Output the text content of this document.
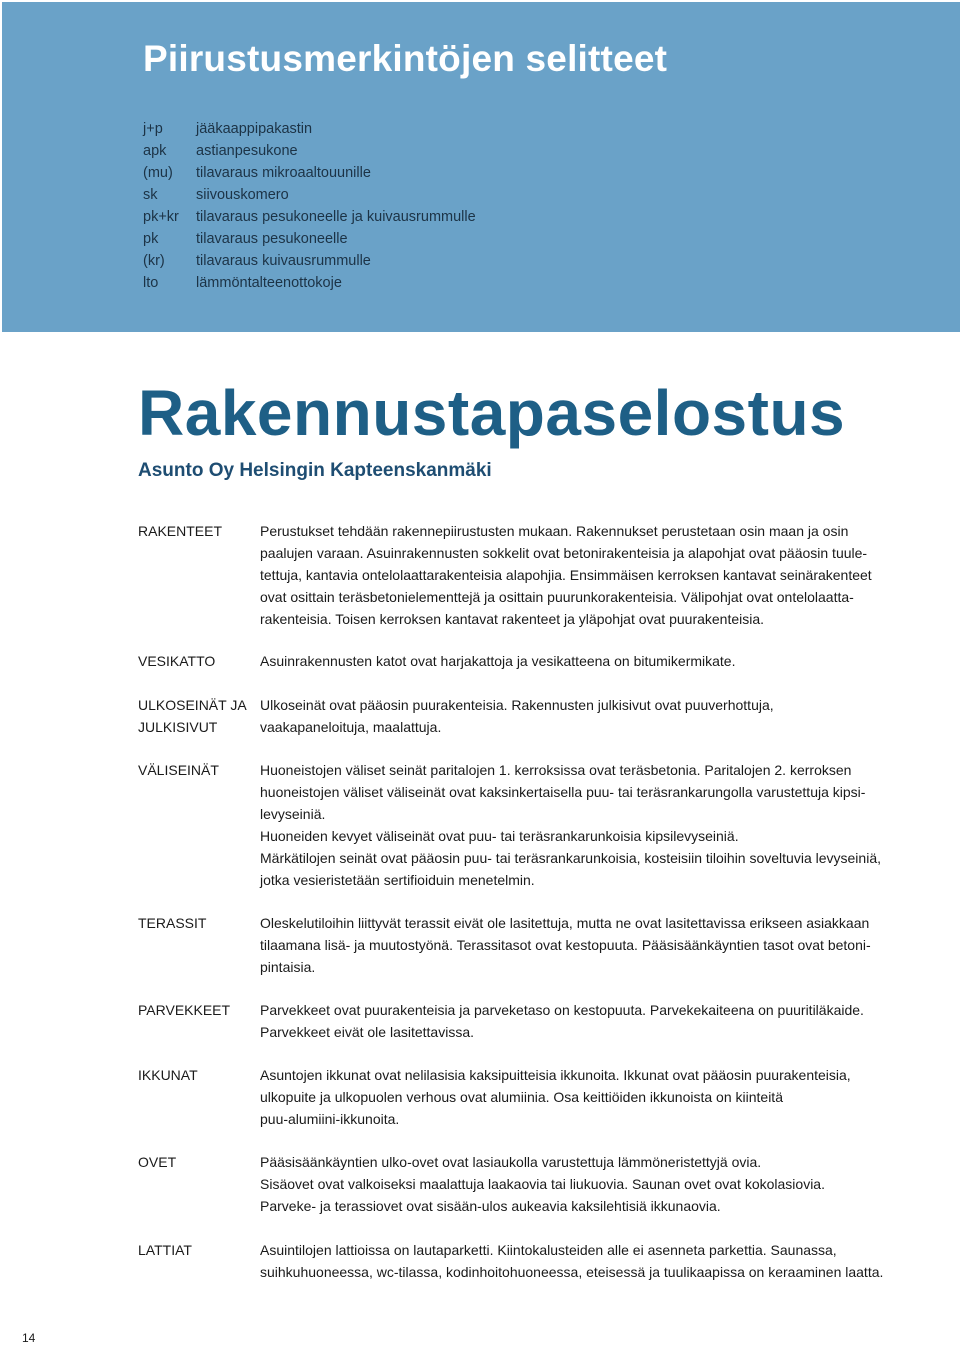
Piirustusmerkintöjen selitteet
j+p jääkaappipakastin
apk astianpesukone
(mu) tilavaraus mikroaaltouunille
sk	siivouskomero
pk+kr tilavaraus pesukoneelle ja kuivausrummulle
pk	tilavaraus pesukoneelle
(kr) tilavaraus kuivausrummulle
lto	lämmöntalteenottokoje
Rakennustapaselostus
Asunto Oy Helsingin Kapteenskanmäki
RAKENTEET	Perustukset tehdään rakennepiirustusten mukaan. Rakennukset perustetaan osin maan ja osin
paalujen varaan. Asuinrakennusten sokkelit ovat betonirakenteisia ja alapohjat ovat pääosin tuule-
tettuja, kantavia ontelolaattarakenteisia alapohjia. Ensimmäisen kerroksen kantavat seinärakenteet
ovat osittain teräsbetonielementtejä ja osittain puurunkorakenteisia. Välipohjat ovat ontelolaatta-
rakenteisia. Toisen kerroksen kantavat rakenteet ja yläpohjat ovat puurakenteisia.
VESIKATTO	Asuinrakennusten katot ovat harjakattoja ja vesikatteena on bitumikermikate.
ULKOSEINÄT JA
JULKISIVUT
Ulkoseinät ovat pääosin puurakenteisia. Rakennusten julkisivut ovat puuverhottuja,
vaakapaneloituja, maalattuja.
VÄLISEINÄT	Huoneistojen väliset seinät paritalojen 1. kerroksissa ovat teräsbetonia. Paritalojen 2. kerroksen
huoneistojen väliset väliseinät ovat kaksinkertaisella puu- tai teräsrankarungolla varustettuja kipsi-
levyseiniä.
Huoneiden kevyet väliseinät ovat puu- tai teräsrankarunkoisia kipsilevyseiniä.
Märkätilojen seinät ovat pääosin puu- tai teräsrankarunkoisia, kosteisiin tiloihin soveltuvia levyseiniä,
jotka vesieristetään sertifioiduin menetelmin.
TERASSIT	Oleskelutiloihin liittyvät terassit eivät ole lasitettuja, mutta ne ovat lasitettavissa erikseen asiakkaan
tilaamana lisä- ja muutostyönä. Terassitasot ovat kestopuuta. Pääsisäänkäyntien tasot ovat betoni-
pintaisia.
PARVEKKEET	Parvekkeet ovat puurakenteisia ja parveketaso on kestopuuta. Parvekekaiteena on puuritiläkaide.
Parvekkeet eivät ole lasitettavissa.
IKKUNAT	Asuntojen ikkunat ovat nelilasisia kaksipuitteisia ikkunoita. Ikkunat ovat pääosin puurakenteisia,
ulkopuite ja ulkopuolen verhous ovat alumiinia. Osa keittiöiden ikkunoista on kiinteitä
puu-alumiini-ikkunoita.
OVET	Pääsisäänkäyntien ulko-ovet ovat lasiaukolla varustettuja lämmöneristettyjä ovia.
Sisäovet ovat valkoiseksi maalattuja laakaovia tai liukuovia. Saunan ovet ovat kokolasiovia.
Parveke- ja terassiovet ovat sisään-ulos aukeavia kaksilehtisiä ikkunaovia.
LATTIAT	Asuintilojen lattioissa on lautaparketti. Kiintokalusteiden alle ei asenneta parkettia. Saunassa,
suihkuhuoneessa, wc-tilassa, kodinhoitohuoneessa, eteisessä ja tuulikaapissa on keraaminen laatta.
14
